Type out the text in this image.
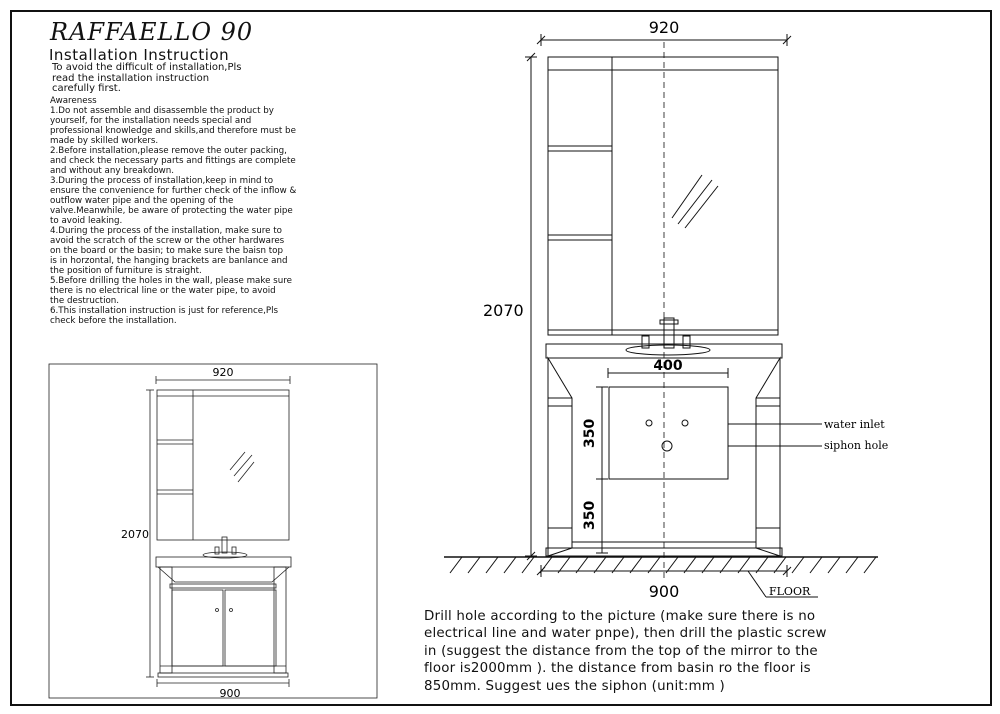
RAFFAELLO 90
Installation Instruction
To avoid the difficult of installation,Pls
read the installation instruction
carefully first.
Awareness
1.Do not assemble and disassemble the product by
yourself, for the installation needs special and
professional knowledge and skills,and therefore must be
made by skilled workers.
2.Before installation,please remove the outer packing,
and check the necessary parts and fittings are complete
and without any breakdown.
3.During the process of installation,keep in mind to
ensure the convenience for further check of the inflow &
outflow water pipe and the opening of the
valve.Meanwhile, be aware of protecting the water pipe
to avoid leaking.
4.During the process of the installation, make sure to
avoid the scratch of the screw or the other hardwares
on the board or the basin; to make sure the baisn top
is in horzontal, the hanging brackets are banlance and
the position of furniture is straight.
5.Before drilling the holes in the wall, please make sure
there is no electrical line or the water pipe, to avoid
the destruction.
6.This installation instruction is just for reference,Pls
check before the installation.
Drill hole according to the picture (make sure there is no
electrical line and water pnpe), then drill the plastic screw
in (suggest the distance from the top of the mirror to the
floor is2000mm ). the distance from basin ro the floor is
850mm. Suggest ues the siphon (unit:mm )
920
2070
900
920
2070
400
350
350
900
water inlet
siphon hole
FLOOR
